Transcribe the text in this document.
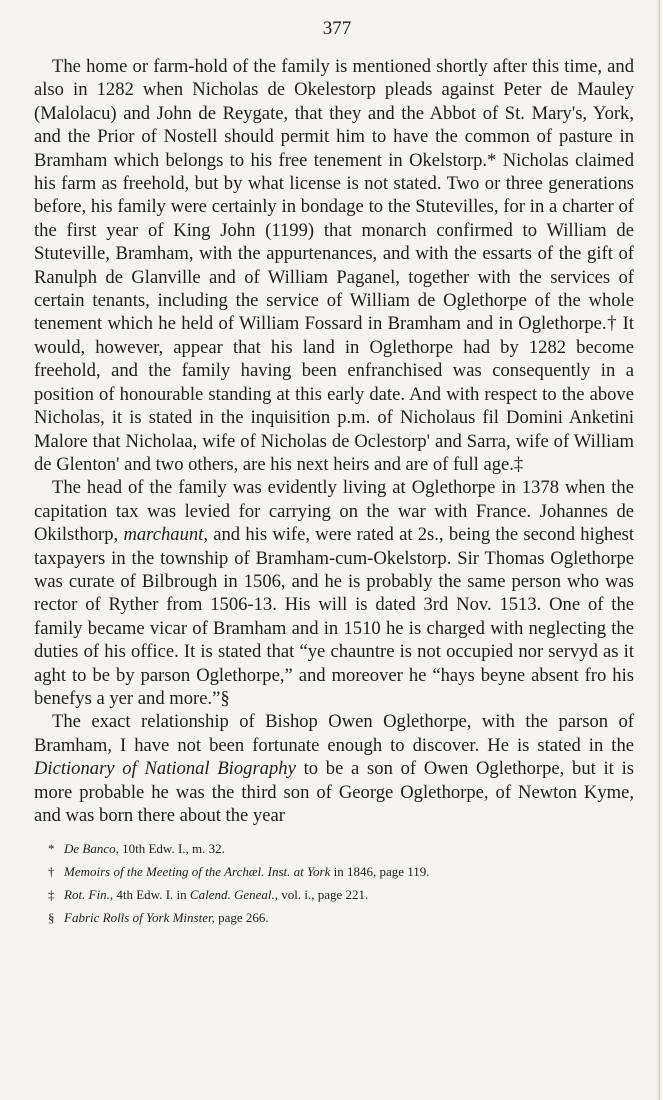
377

The home or farm-hold of the family is mentioned shortly after this time, and also in 1282 when Nicholas de Okelestorp pleads against Peter de Mauley (Malolacu) and John de Reygate, that they and the Abbot of St. Mary's, York, and the Prior of Nostell should permit him to have the common of pasture in Bramham which belongs to his free tenement in Okelstorp.* Nicholas claimed his farm as freehold, but by what license is not stated. Two or three generations before, his family were certainly in bondage to the Stutevilles, for in a charter of the first year of King John (1199) that monarch confirmed to William de Stuteville, Bramham, with the appurtenances, and with the essarts of the gift of Ranulph de Glanville and of William Paganel, together with the services of certain tenants, including the service of William de Oglethorpe of the whole tenement which he held of William Fossard in Bramham and in Oglethorpe.† It would, however, appear that his land in Oglethorpe had by 1282 become freehold, and the family having been enfranchised was consequently in a position of honourable standing at this early date. And with respect to the above Nicholas, it is stated in the inquisition p.m. of Nicholaus fil Domini Anketini Malore that Nicholaa, wife of Nicholas de Oclestorp' and Sarra, wife of William de Glenton' and two others, are his next heirs and are of full age.‡

The head of the family was evidently living at Oglethorpe in 1378 when the capitation tax was levied for carrying on the war with France. Johannes de Okilsthorp, marchaunt, and his wife, were rated at 2s., being the second highest taxpayers in the township of Bramham-cum-Okelstorp. Sir Thomas Oglethorpe was curate of Bilbrough in 1506, and he is probably the same person who was rector of Ryther from 1506-13. His will is dated 3rd Nov. 1513. One of the family became vicar of Bramham and in 1510 he is charged with neglecting the duties of his office. It is stated that “ye chauntre is not occupied nor servyd as it aght to be by parson Oglethorpe,” and moreover he “hays beyne absent fro his benefys a yer and more.”§

The exact relationship of Bishop Owen Oglethorpe, with the parson of Bramham, I have not been fortunate enough to discover. He is stated in the Dictionary of National Biography to be a son of Owen Oglethorpe, but it is more probable he was the third son of George Oglethorpe, of Newton Kyme, and was born there about the year

* De Banco, 10th Edw. I., m. 32.
† Memoirs of the Meeting of the Archæl. Inst. at York in 1846, page 119.
‡ Rot. Fin., 4th Edw. I. in Calend. Geneal., vol. i., page 221.
§ Fabric Rolls of York Minster, page 266.
